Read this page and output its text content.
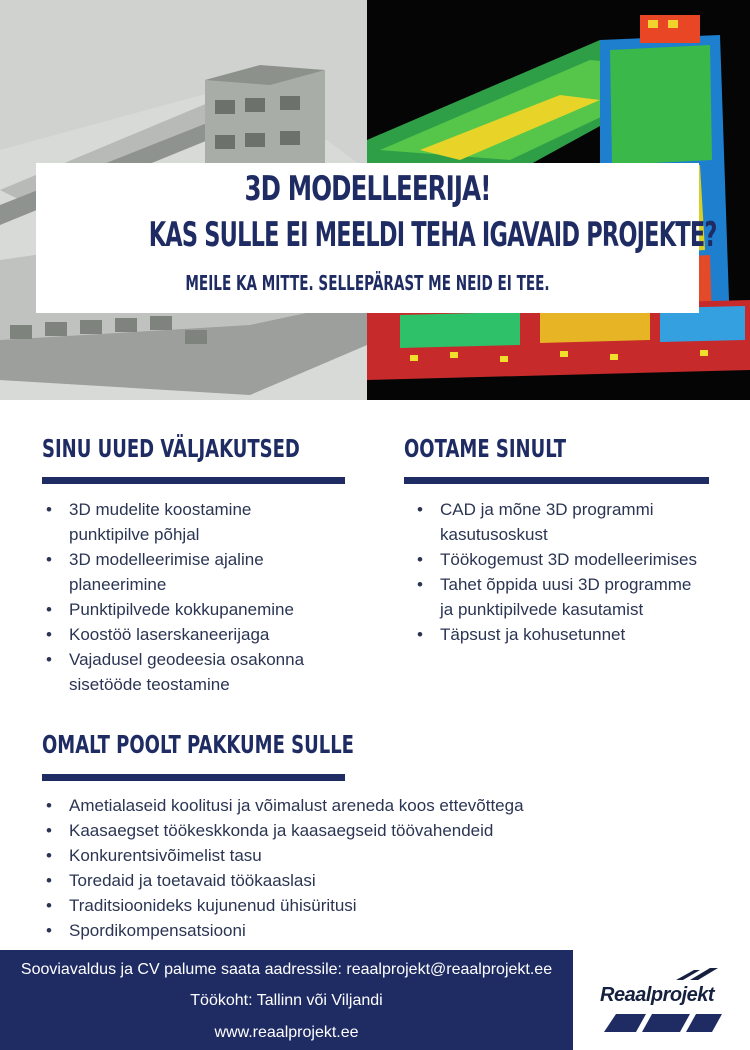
3D MODELLEERIJA!
KAS SULLE EI MEELDI TEHA IGAVAID PROJEKTE?
MEILE KA MITTE. SELLEPÄRAST ME NEID EI TEE.
SINU UUED VÄLJAKUTSED
• 3D mudelite koostamine
punktipilve põhjal
• 3D modelleerimise ajaline
planeerimine
• Punktipilvede kokkupanemine
• Koostöö laserskaneerijaga
• Vajadusel geodeesia osakonna
sisetööde teostamine
OOTAME SINULT
• CAD ja mõne 3D programmi
kasutusoskust
• Töökogemust 3D modelleerimises
• Tahet õppida uusi 3D programme
ja punktipilvede kasutamist
• Täpsust ja kohusetunnet
OMALT POOLT PAKKUME SULLE
• Ametialaseid koolitusi ja võimalust areneda koos ettevõttega
• Kaasaegset töökeskkonda ja kaasaegseid töövahendeid
• Konkurentsivõimelist tasu
• Toredaid ja toetavaid töökaaslasi
• Traditsioonideks kujunenud ühisüritusi
• Spordikompensatsiooni
Sooviavaldus ja CV palume saata aadressile: reaalprojekt@reaalprojekt.ee
Töökoht: Tallinn või Viljandi
www.reaalprojekt.ee
Reaalprojekt
